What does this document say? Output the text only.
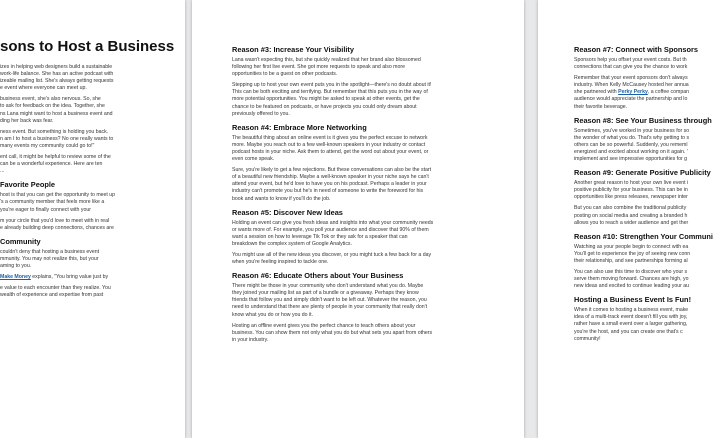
sons to Host a Business

izes in helping web designers build a sustainable
work-life balance. She has an active podcast with
izeable mailing list. She's always getting requests
e event where everyone can meet up.

business event, she's also nervous. So, she
to ask for feedback on the idea. Together, she
ns Lana might want to host a business event and
ding her back was fear.

ness event. But something is holding you back.
n am I to host a business? No one really wants to
many events my community could go to!"

ent call, it might be helpful to review some of the
can be a wonderful experience. Here are ten
...

Favorite People

host is that you can get the opportunity to meet up
's a community member that feels more like a
you're eager to finally connect with your

m your circle that you'd love to meet with in real
e already building deep connections, chances are

Community

couldn't deny that hosting a business event
mmunity. You may not realize this, but your
aming to you.

Make Money explains, "You bring value just by

e value to each encounter than they realize. You
wealth of experience and expertise from past

Reason #3: Increase Your Visibility

Lana wasn't expecting this, but she quickly realized that her brand also blossomed
following her first live event. She got more requests to speak and also more
opportunities to be a guest on other podcasts.

Stepping up to host your own event puts you in the spotlight—there's no doubt about it!
This can be both exciting and terrifying. But remember that this puts you in the way of
more potential opportunities. You might be asked to speak at other events, get the
chance to be featured on podcasts, or have projects you could only dream about
previously offered to you.

Reason #4: Embrace More Networking

The beautiful thing about an online event is it gives you the perfect excuse to network
more. Maybe you reach out to a few well-known speakers in your industry or contact
podcast hosts in your niche. Ask them to attend, get the word out about your event, or
even come speak.

Sure, you're likely to get a few rejections. But these conversations can also be the start
of a beautiful new friendship. Maybe a well-known speaker in your niche says he can't
attend your event, but he'd love to have you on his podcast. Perhaps a leader in your
industry can't promote you but he's in need of someone to write the foreword for his
book and wants to know if you'll do the job.

Reason #5: Discover New Ideas

Holding an event can give you fresh ideas and insights into what your community needs
or wants more of. For example, you poll your audience and discover that 90% of them
want a session on how to leverage Tik Tok or they ask for a speaker that can
breakdown the complex system of Google Analytics.

You might use all of the new ideas you discover, or you might tuck a few back for a day
when you're feeling inspired to tackle one.

Reason #6: Educate Others about Your Business

There might be those in your community who don't understand what you do. Maybe
they joined your mailing list as part of a bundle or a giveaway. Perhaps they know
friends that follow you and simply didn't want to be left out. Whatever the reason, you
need to understand that there are plenty of people in your community that really don't
know what you do or how you do it.

Hosting an offline event gives you the perfect chance to teach others about your
business. You can show them not only what you do but what sets you apart from others
in your industry.

Reason #7: Connect with Sponsors

Sponsors help you offset your event costs. But th
connections that can give you the chance to work

Remember that your event sponsors don't always
industry. When Kelly McCausey hosted her annua
she partnered with Perky Perky, a coffee compan
audience would appreciate the partnership and lo
their favorite beverage.

Reason #8: See Your Business through

Sometimes, you've worked in your business for so
the wonder of what you do. That's why getting to s
others can be so powerful. Suddenly, you rememl
energized and excited about working on it again. '
implement and see impressive opportunities for g

Reason #9: Generate Positive Publicity

Another great reason to host your own live event i
positive publicity for your business. This can be in
opportunities like press releases, newspaper inter

But you can also combine the traditional publicity
posting on social media and creating a branded h
allows you to reach a wider audience and get ther

Reason #10: Strengthen Your Communi

Watching as your people begin to connect with ea
You'll get to experience the joy of seeing new conn
their relationship, and see partnerships forming al

You can also use this time to discover who your s
serve them moving forward. Chances are high, yo
new ideas and excited to continue leading your au

Hosting a Business Event Is Fun!

When it comes to hosting a business event, make
idea of a multi-track event doesn't fill you with joy,
rather have a small event over a larger gathering,
you're the host, and you can create one that's c
community!
